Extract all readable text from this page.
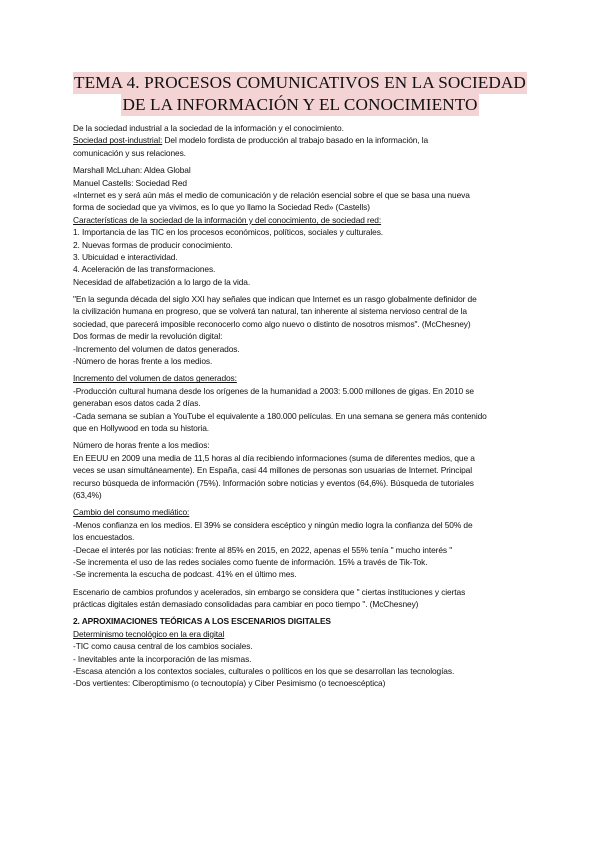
TEMA 4. PROCESOS COMUNICATIVOS EN LA SOCIEDAD
DE LA INFORMACIÓN Y EL CONOCIMIENTO
De la sociedad industrial a la sociedad de la información y el conocimiento.
Sociedad post-industrial: Del modelo fordista de producción al trabajo basado en la información, la
comunicación y sus relaciones.
Marshall McLuhan: Aldea Global
Manuel Castells: Sociedad Red
«Internet es y será aún más el medio de comunicación y de relación esencial sobre el que se basa una nueva
forma de sociedad que ya vivimos, es lo que yo llamo la Sociedad Red» (Castells)
Características de la sociedad de la información y del conocimiento, de sociedad red:
1. Importancia de las TIC en los procesos económicos, políticos, sociales y culturales.
2. Nuevas formas de producir conocimiento.
3. Ubicuidad e interactividad.
4. Aceleración de las transformaciones.
Necesidad de alfabetización a lo largo de la vida.
"En la segunda década del siglo XXI hay señales que indican que Internet es un rasgo globalmente definidor de
la civilización humana en progreso, que se volverá tan natural, tan inherente al sistema nervioso central de la
sociedad, que parecerá imposible reconocerlo como algo nuevo o distinto de nosotros mismos". (McChesney)
Dos formas de medir la revolución digital:
-Incremento del volumen de datos generados.
-Número de horas frente a los medios.
Incremento del volumen de datos generados:
-Producción cultural humana desde los orígenes de la humanidad a 2003: 5.000 millones de gigas. En 2010 se
generaban esos datos cada 2 días.
-Cada semana se subían a YouTube el equivalente a 180.000 películas. En una semana se genera más contenido
que en Hollywood en toda su historia.
Número de horas frente a los medios:
En EEUU en 2009 una media de 11,5 horas al día recibiendo informaciones (suma de diferentes medios, que a
veces se usan simultáneamente). En España, casi 44 millones de personas son usuarias de Internet. Principal
recurso búsqueda de información (75%). Información sobre noticias y eventos (64,6%). Búsqueda de tutoriales
(63,4%)
Cambio del consumo mediático:
-Menos confianza en los medios. El 39% se considera escéptico y ningún medio logra la confianza del 50% de
los encuestados.
-Decae el interés por las noticias: frente al 85% en 2015, en 2022, apenas el 55% tenía " mucho interés "
-Se incrementa el uso de las redes sociales como fuente de información. 15% a través de Tik-Tok.
-Se incrementa la escucha de podcast. 41% en el último mes.
Escenario de cambios profundos y acelerados, sin embargo se considera que " ciertas instituciones y ciertas
prácticas digitales están demasiado consolidadas para cambiar en poco tiempo ". (McChesney)
2. APROXIMACIONES TEÓRICAS A LOS ESCENARIOS DIGITALES
Determinismo tecnológico en la era digital
-TIC como causa central de los cambios sociales.
- Inevitables ante la incorporación de las mismas.
-Escasa atención a los contextos sociales, culturales o políticos en los que se desarrollan las tecnologías.
-Dos vertientes: Ciberoptimismo (o tecnoutopía) y Ciber Pesimismo (o tecnoescéptica)
